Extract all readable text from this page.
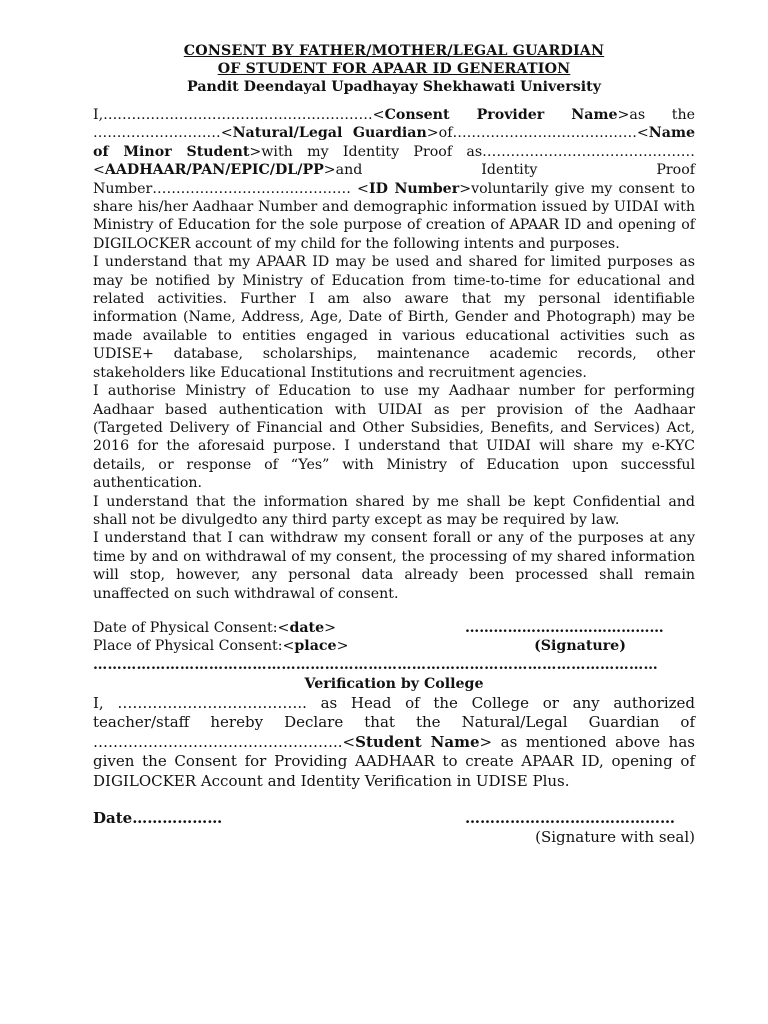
CONSENT BY FATHER/MOTHER/LEGAL GUARDIAN
OF STUDENT FOR APAAR ID GENERATION
Pandit Deendayal Upadhayay Shekhawati University

I,…………………………………………………<Consent Provider Name>as the ………………………<Natural/Legal Guardian>of…………………………………<Name of Minor Student>with my Identity Proof as……………………………………… <AADHAAR/PAN/EPIC/DL/PP>and Identity Proof Number…………………………………… <ID Number>voluntarily give my consent to share his/her Aadhaar Number and demographic information issued by UIDAI with Ministry of Education for the sole purpose of creation of APAAR ID and opening of DIGILOCKER account of my child for the following intents and purposes.

I understand that my APAAR ID may be used and shared for limited purposes as may be notified by Ministry of Education from time-to-time for educational and related activities. Further I am also aware that my personal identifiable information (Name, Address, Age, Date of Birth, Gender and Photograph) may be made available to entities engaged in various educational activities such as UDISE+ database, scholarships, maintenance academic records, other stakeholders like Educational Institutions and recruitment agencies.

I authorise Ministry of Education to use my Aadhaar number for performing Aadhaar based authentication with UIDAI as per provision of the Aadhaar (Targeted Delivery of Financial and Other Subsidies, Benefits, and Services) Act, 2016 for the aforesaid purpose. I understand that UIDAI will share my e-KYC details, or response of “Yes” with Ministry of Education upon successful authentication.

I understand that the information shared by me shall be kept Confidential and shall not be divulgedto any third party except as may be required by law.

I understand that I can withdraw my consent forall or any of the purposes at any time by and on withdrawal of my consent, the processing of my shared information will stop, however, any personal data already been processed shall remain unaffected on such withdrawal of consent.

Date of Physical Consent:<date>	……………………………………
Place of Physical Consent:<place>	(Signature)
………………………………………………………………………………………………………
Verification by College

I, ……………………………….. as Head of the College or any authorized teacher/staff hereby Declare that the Natural/Legal Guardian of …………………………………………..<Student Name> as mentioned above has given the Consent for Providing AADHAAR to create APAAR ID, opening of DIGILOCKER Account and Identity Verification in UDISE Plus.

Date………………	……………………………………
(Signature with seal)
